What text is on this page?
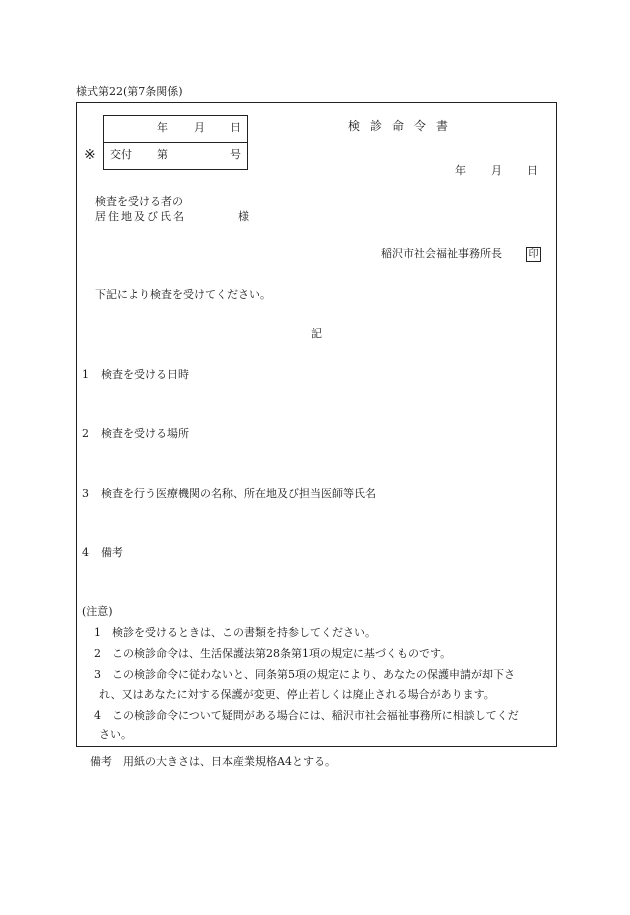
様式第22(第7条関係)
※
年 月 日
交付 第	号
検診命令書
年 月 日
検査を受ける者の
居住地及び氏名	様
稲沢市社会福祉事務所長	印
下記により検査を受けてください。
記
1 検査を受ける日時
2 検査を受ける場所
3 検査を行う医療機関の名称、所在地及び担当医師等氏名
4 備考
(注意)
1　検診を受けるときは、この書類を持参してください。
2　この検診命令は、生活保護法第28条第1項の規定に基づくものです。
3　この検診命令に従わないと、同条第5項の規定により、あなたの保護申請が却下さ
れ、又はあなたに対する保護が変更、停止若しくは廃止される場合があります。
4　この検診命令について疑問がある場合には、稲沢市社会福祉事務所に相談してくだ
さい。
備考　用紙の大きさは、日本産業規格A4とする。
